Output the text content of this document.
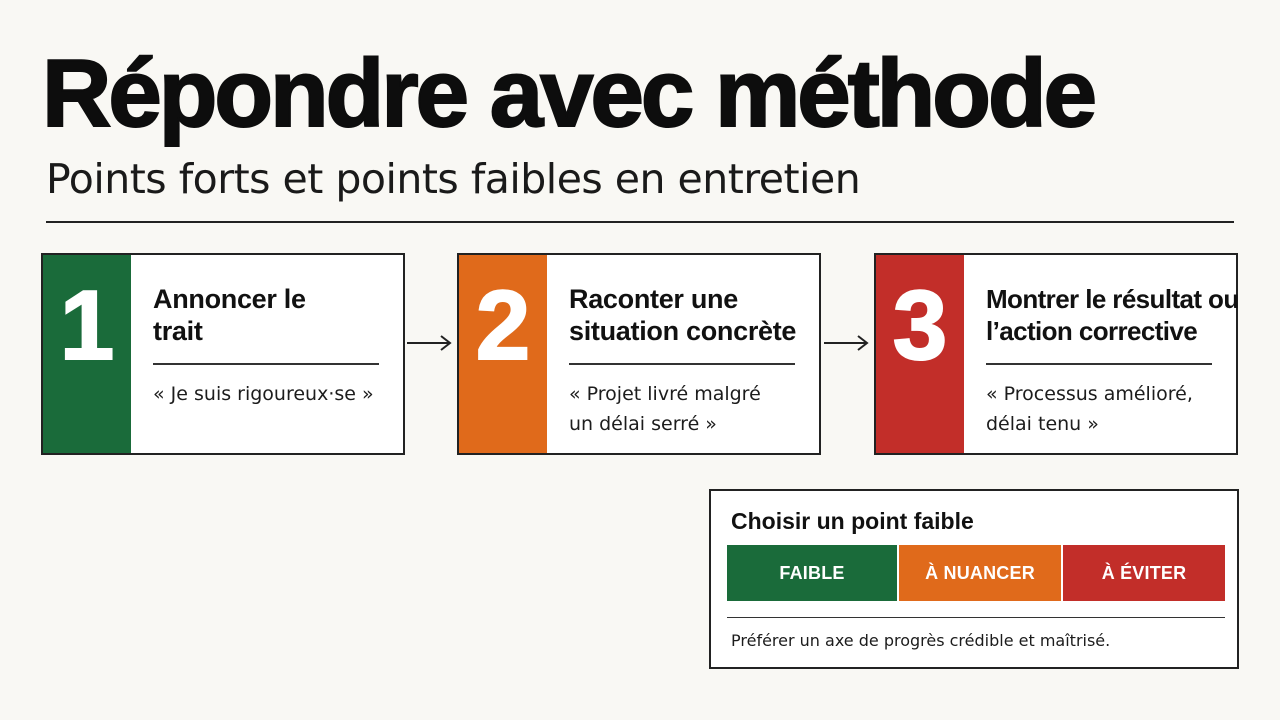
Répondre avec méthode
Points forts et points faibles en entretien
1	Annoncer le trait
« Je suis rigoureux·se »
2	Raconter une situation concrète
« Projet livré malgré un délai serré »
3	Montrer le résultat ou l’action corrective
« Processus amélioré, délai tenu »
Choisir un point faible
FAIBLE	À NUANCER	À ÉVITER
Préférer un axe de progrès crédible et maîtrisé.
